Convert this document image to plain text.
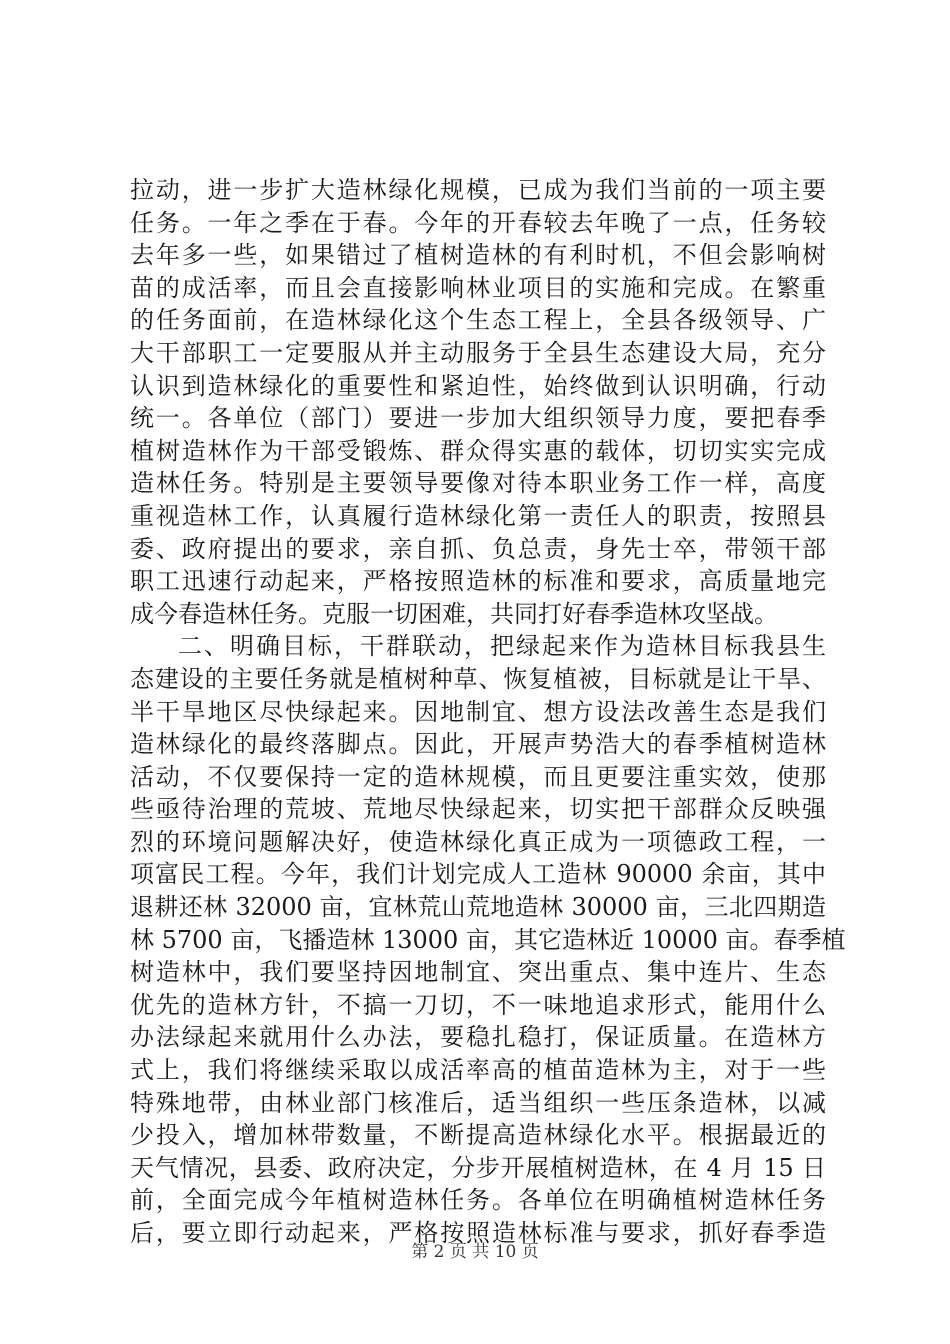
拉动，进一步扩大造林绿化规模，已成为我们当前的一项主要
任务。一年之季在于春。今年的开春较去年晚了一点，任务较
去年多一些，如果错过了植树造林的有利时机，不但会影响树
苗的成活率，而且会直接影响林业项目的实施和完成。在繁重
的任务面前，在造林绿化这个生态工程上，全县各级领导、广
大干部职工一定要服从并主动服务于全县生态建设大局，充分
认识到造林绿化的重要性和紧迫性，始终做到认识明确，行动
统一。各单位（部门）要进一步加大组织领导力度，要把春季
植树造林作为干部受锻炼、群众得实惠的载体，切切实实完成
造林任务。特别是主要领导要像对待本职业务工作一样，高度
重视造林工作，认真履行造林绿化第一责任人的职责，按照县
委、政府提出的要求，亲自抓、负总责，身先士卒，带领干部
职工迅速行动起来，严格按照造林的标准和要求，高质量地完
成今春造林任务。克服一切困难，共同打好春季造林攻坚战。
二、明确目标，干群联动，把绿起来作为造林目标我县生
态建设的主要任务就是植树种草、恢复植被，目标就是让干旱、
半干旱地区尽快绿起来。因地制宜、想方设法改善生态是我们
造林绿化的最终落脚点。因此，开展声势浩大的春季植树造林
活动，不仅要保持一定的造林规模，而且更要注重实效，使那
些亟待治理的荒坡、荒地尽快绿起来，切实把干部群众反映强
烈的环境问题解决好，使造林绿化真正成为一项德政工程，一
项富民工程。今年，我们计划完成人工造林 90000 余亩，其中
退耕还林 32000 亩，宜林荒山荒地造林 30000 亩，三北四期造
林 5700 亩，飞播造林 13000 亩，其它造林近 10000 亩。春季植
树造林中，我们要坚持因地制宜、突出重点、集中连片、生态
优先的造林方针，不搞一刀切，不一味地追求形式，能用什么
办法绿起来就用什么办法，要稳扎稳打，保证质量。在造林方
式上，我们将继续采取以成活率高的植苗造林为主，对于一些
特殊地带，由林业部门核准后，适当组织一些压条造林，以减
少投入，增加林带数量，不断提高造林绿化水平。根据最近的
天气情况，县委、政府决定，分步开展植树造林，在 4 月 15 日
前，全面完成今年植树造林任务。各单位在明确植树造林任务
后，要立即行动起来，严格按照造林标准与要求，抓好春季造
第 2 页 共 10 页
